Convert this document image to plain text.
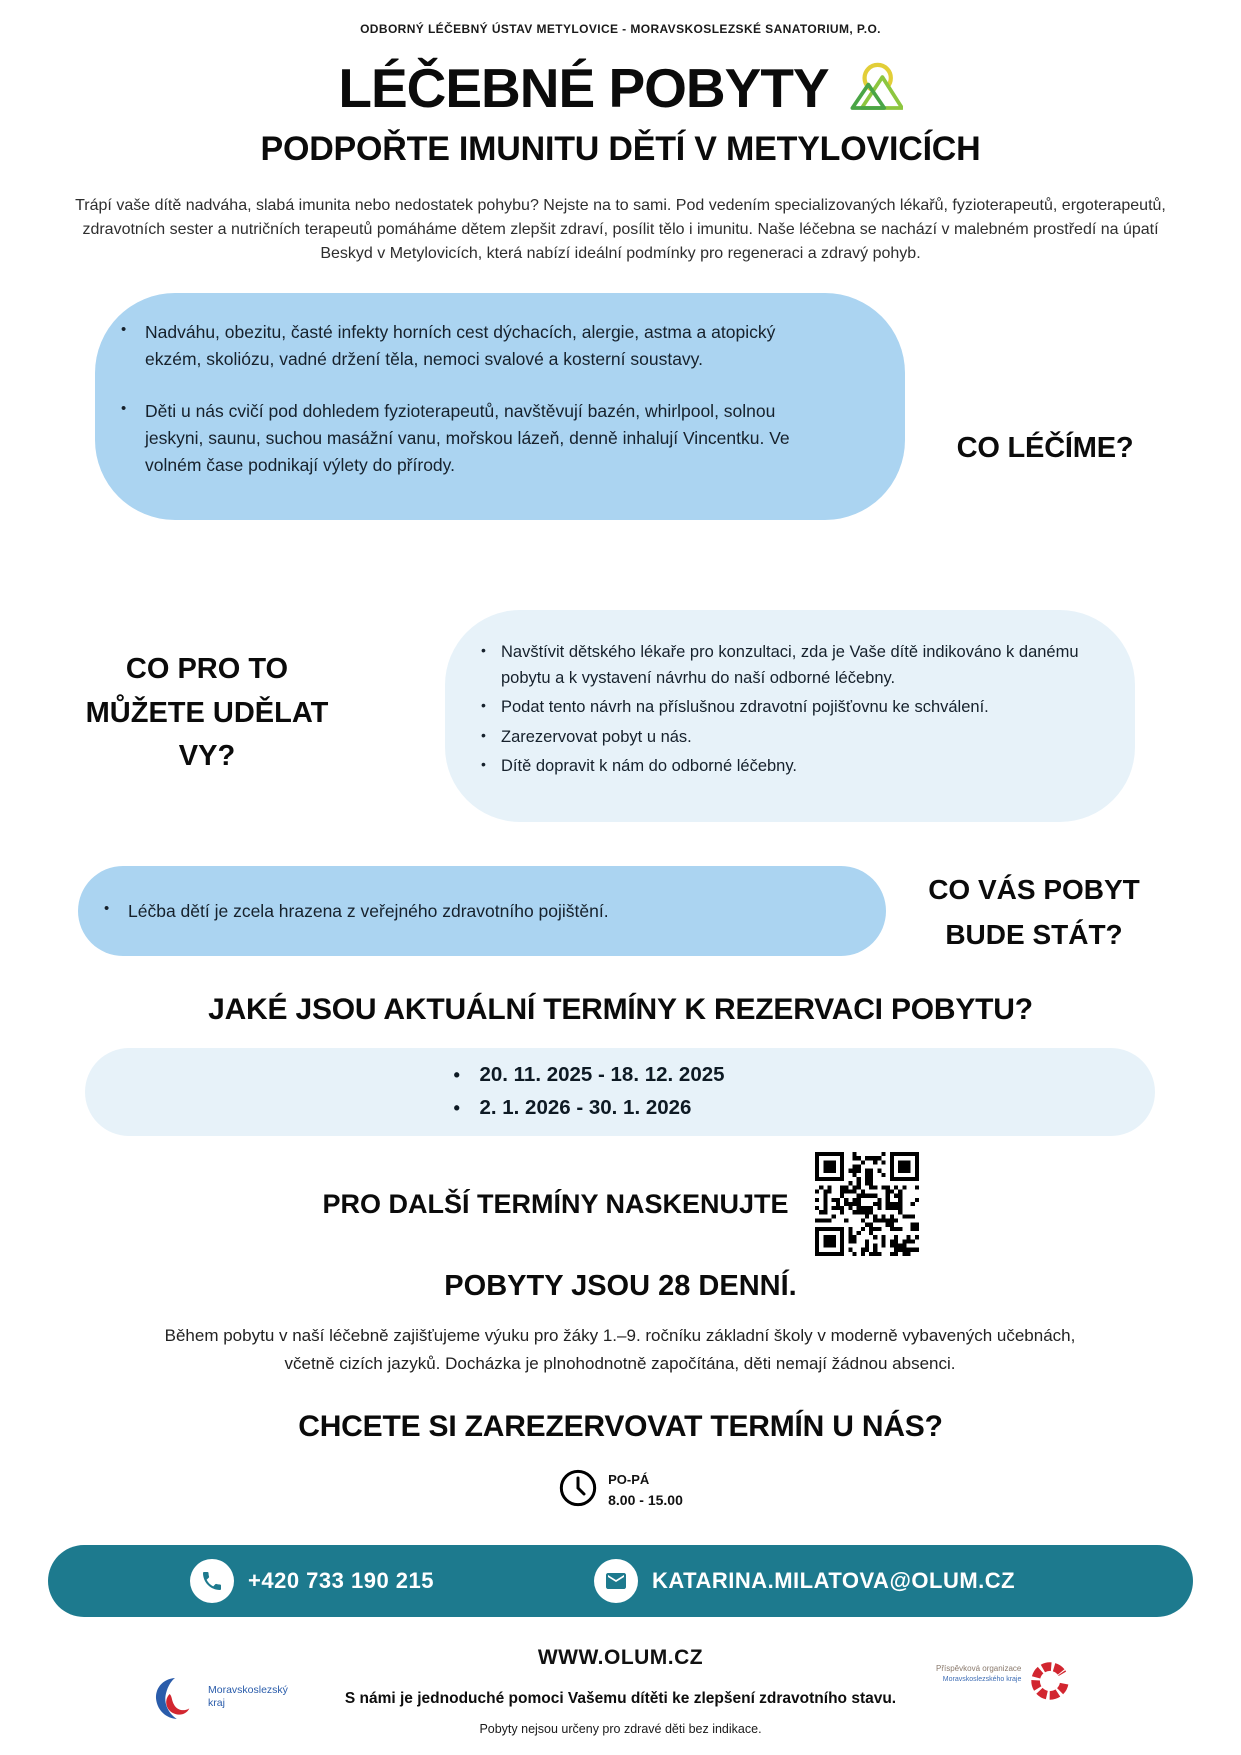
ODBORNÝ LÉČEBNÝ ÚSTAV METYLOVICE - MORAVSKOSLEZSKÉ SANATORIUM, P.O.
LÉČEBNÉ POBYTY
PODPOŘTE IMUNITU DĚTÍ V METYLOVICÍCH
Trápí vaše dítě nadváha, slabá imunita nebo nedostatek pohybu? Nejste na to sami. Pod vedením specializovaných lékařů, fyzioterapeutů, ergoterapeutů, zdravotních sester a nutričních terapeutů pomáháme dětem zlepšit zdraví, posílit tělo i imunitu. Naše léčebna se nachází v malebném prostředí na úpatí Beskyd v Metylovicích, která nabízí ideální podmínky pro regeneraci a zdravý pohyb.
• Nadváhu, obezitu, časté infekty horních cest dýchacích, alergie, astma a atopický ekzém, skoliózu, vadné držení těla, nemoci svalové a kosterní soustavy.
• Děti u nás cvičí pod dohledem fyzioterapeutů, navštěvují bazén, whirlpool, solnou jeskyni, saunu, suchou masážní vanu, mořskou lázeň, denně inhalují Vincentku. Ve volném čase podnikají výlety do přírody.
CO LÉČÍME?
CO PRO TO
MŮŽETE UDĚLAT
VY?
• Navštívit dětského lékaře pro konzultaci, zda je Vaše dítě indikováno k danému pobytu a k vystavení návrhu do naší odborné léčebny.
• Podat tento návrh na příslušnou zdravotní pojišťovnu ke schválení.
• Zarezervovat pobyt u nás.
• Dítě dopravit k nám do odborné léčebny.
• Léčba dětí je zcela hrazena z veřejného zdravotního pojištění.
CO VÁS POBYT
BUDE STÁT?
JAKÉ JSOU AKTUÁLNÍ TERMÍNY K REZERVACI POBYTU?
• 20. 11. 2025 - 18. 12. 2025
• 2. 1. 2026 - 30. 1. 2026
PRO DALŠÍ TERMÍNY NASKENUJTE
POBYTY JSOU 28 DENNÍ.
Během pobytu v naší léčebně zajišťujeme výuku pro žáky 1.–9. ročníku základní školy v moderně vybavených učebnách, včetně cizích jazyků. Docházka je plnohodnotně započítána, děti nemají žádnou absenci.
CHCETE SI ZAREZERVOVAT TERMÍN U NÁS?
PO-PÁ
8.00 - 15.00
+420 733 190 215	KATARINA.MILATOVA@OLUM.CZ
WWW.OLUM.CZ
Moravskoslezský
kraj	S námi je jednoduché pomoci Vašemu dítěti ke zlepšení zdravotního stavu.
Příspěvková organizace
Moravskoslezského kraje
Pobyty nejsou určeny pro zdravé děti bez indikace.
